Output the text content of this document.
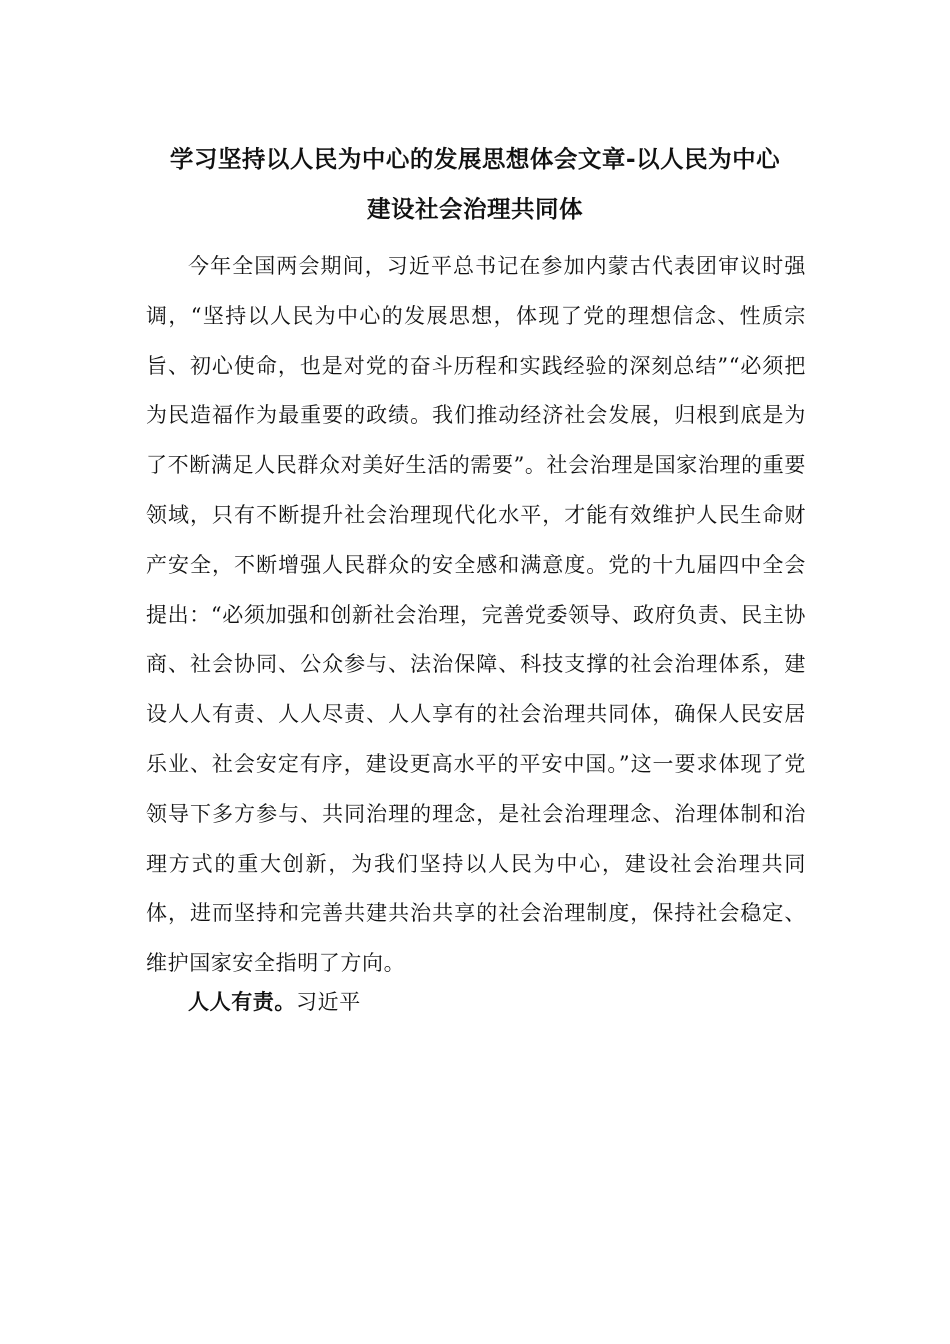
学习坚持以人民为中心的发展思想体会文章-以人民为中心
建设社会治理共同体

今年全国两会期间，习近平总书记在参加内蒙古代表团审议时强调，“坚持以人民为中心的发展思想，体现了党的理想信念、性质宗旨、初心使命，也是对党的奋斗历程和实践经验的深刻总结”“必须把为民造福作为最重要的政绩。我们推动经济社会发展，归根到底是为了不断满足人民群众对美好生活的需要”。社会治理是国家治理的重要领域，只有不断提升社会治理现代化水平，才能有效维护人民生命财产安全，不断增强人民群众的安全感和满意度。党的十九届四中全会提出：“必须加强和创新社会治理，完善党委领导、政府负责、民主协商、社会协同、公众参与、法治保障、科技支撑的社会治理体系，建设人人有责、人人尽责、人人享有的社会治理共同体，确保人民安居乐业、社会安定有序，建设更高水平的平安中国。”这一要求体现了党领导下多方参与、共同治理的理念，是社会治理理念、治理体制和治理方式的重大创新，为我们坚持以人民为中心，建设社会治理共同体，进而坚持和完善共建共治共享的社会治理制度，保持社会稳定、维护国家安全指明了方向。

人人有责。习近平
